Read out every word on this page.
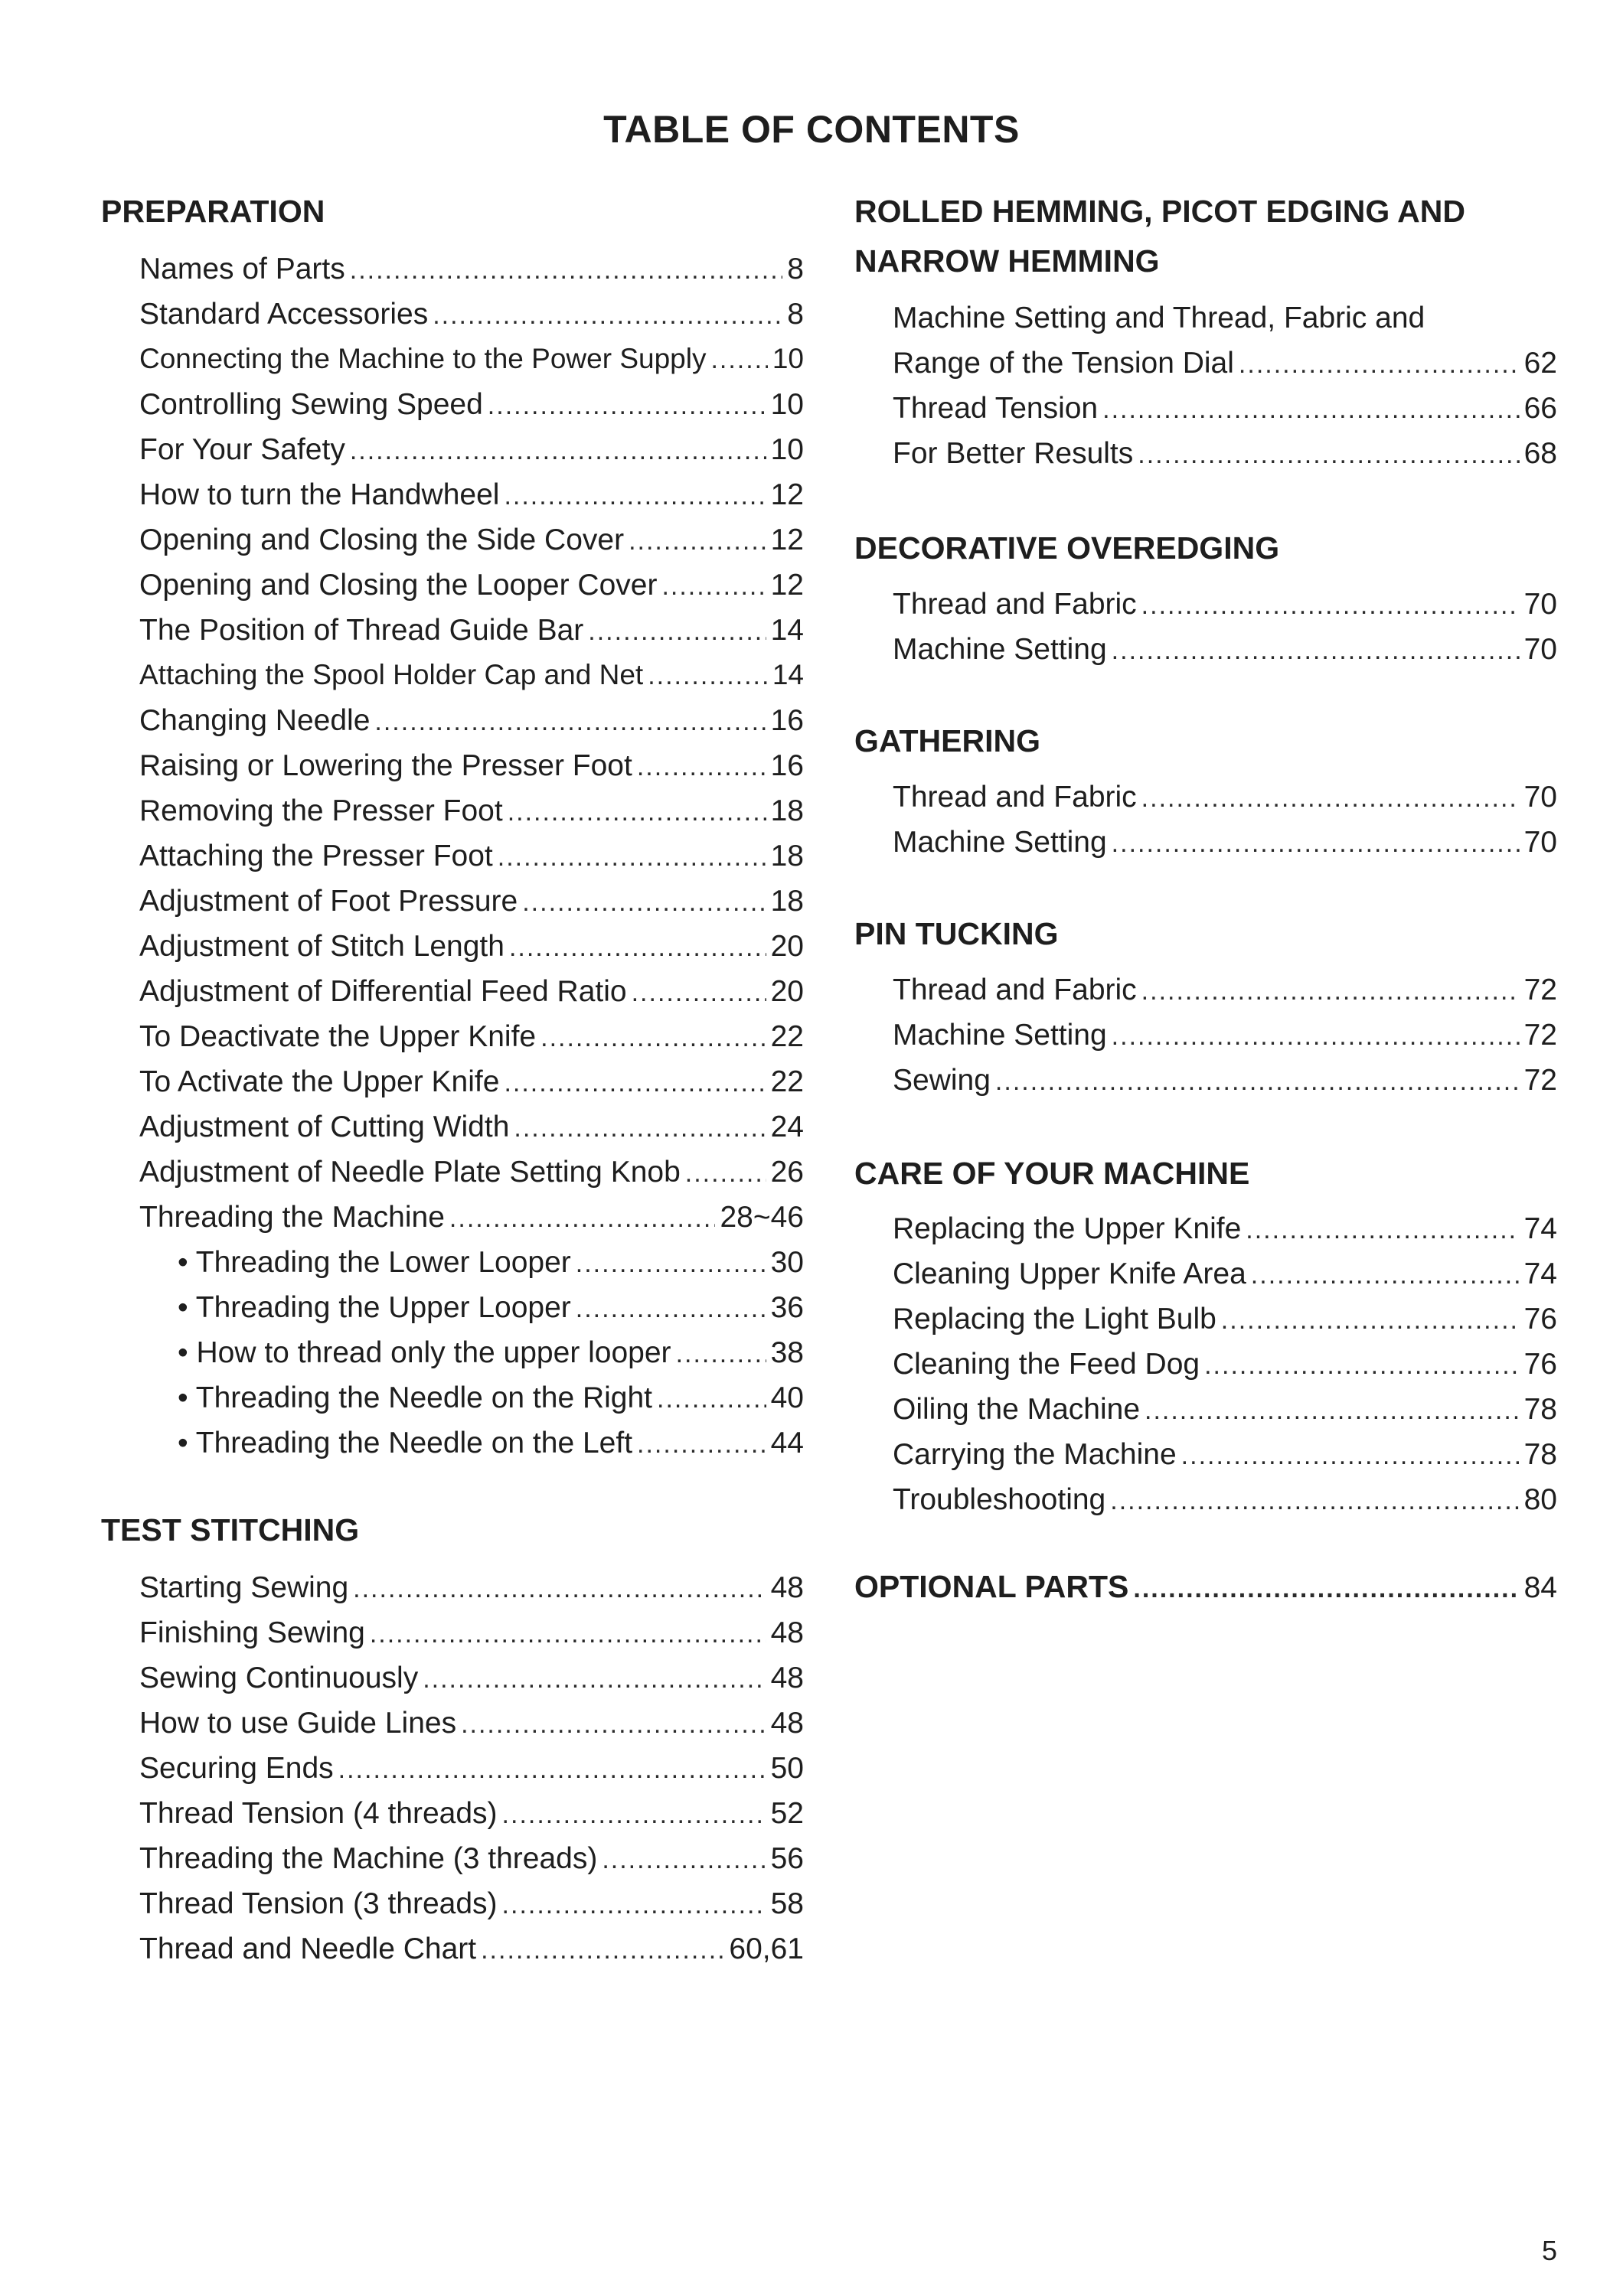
TABLE OF CONTENTS
PREPARATION
Names of Parts .....	8
Standard Accessories .....	8
Connecting the Machine to the Power Supply ..... 10
Controlling Sewing Speed .....	10
For Your Safety .....	10
How to turn the Handwheel .....	12
Opening and Closing the Side Cover .....	12
Opening and Closing the Looper Cover .....	12
The Position of Thread Guide Bar .....	14
Attaching the Spool Holder Cap and Net .....	14
Changing Needle .....	16
Raising or Lowering the Presser Foot .....	16
Removing the Presser Foot .....	18
Attaching the Presser Foot .....	18
Adjustment of Foot Pressure .....	18
Adjustment of Stitch Length .....	20
Adjustment of Differential Feed Ratio .....	20
To Deactivate the Upper Knife .....	22
To Activate the Upper Knife .....	22
Adjustment of Cutting Width .....	24
Adjustment of Needle Plate Setting Knob .....	26
Threading the Machine .....	28~46
• Threading the Lower Looper .....	30
• Threading the Upper Looper .....	36
• How to thread only the upper looper .....	38
• Threading the Needle on the Right .....	40
• Threading the Needle on the Left .....	44
TEST STITCHING
Starting Sewing .....	48
Finishing Sewing .....	48
Sewing Continuously .....	48
How to use Guide Lines .....	48
Securing Ends .....	50
Thread Tension (4 threads) .....	52
Threading the Machine (3 threads) .....	56
Thread Tension (3 threads) .....	58
Thread and Needle Chart .....	60,61
ROLLED HEMMING, PICOT EDGING AND
NARROW HEMMING
Machine Setting and Thread, Fabric and
Range of the Tension Dial .....	62
Thread Tension .....	66
For Better Results .....	68
DECORATIVE OVEREDGING
Thread and Fabric .....	70
Machine Setting .....	70
GATHERING
Thread and Fabric .....	70
Machine Setting .....	70
PIN TUCKING
Thread and Fabric .....	72
Machine Setting .....	72
Sewing .....	72
CARE OF YOUR MACHINE
Replacing the Upper Knife .....	74
Cleaning Upper Knife Area .....	74
Replacing the Light Bulb .....	76
Cleaning the Feed Dog .....	76
Oiling the Machine .....	78
Carrying the Machine .....	78
Troubleshooting .....	80
OPTIONAL PARTS .....	84
5
